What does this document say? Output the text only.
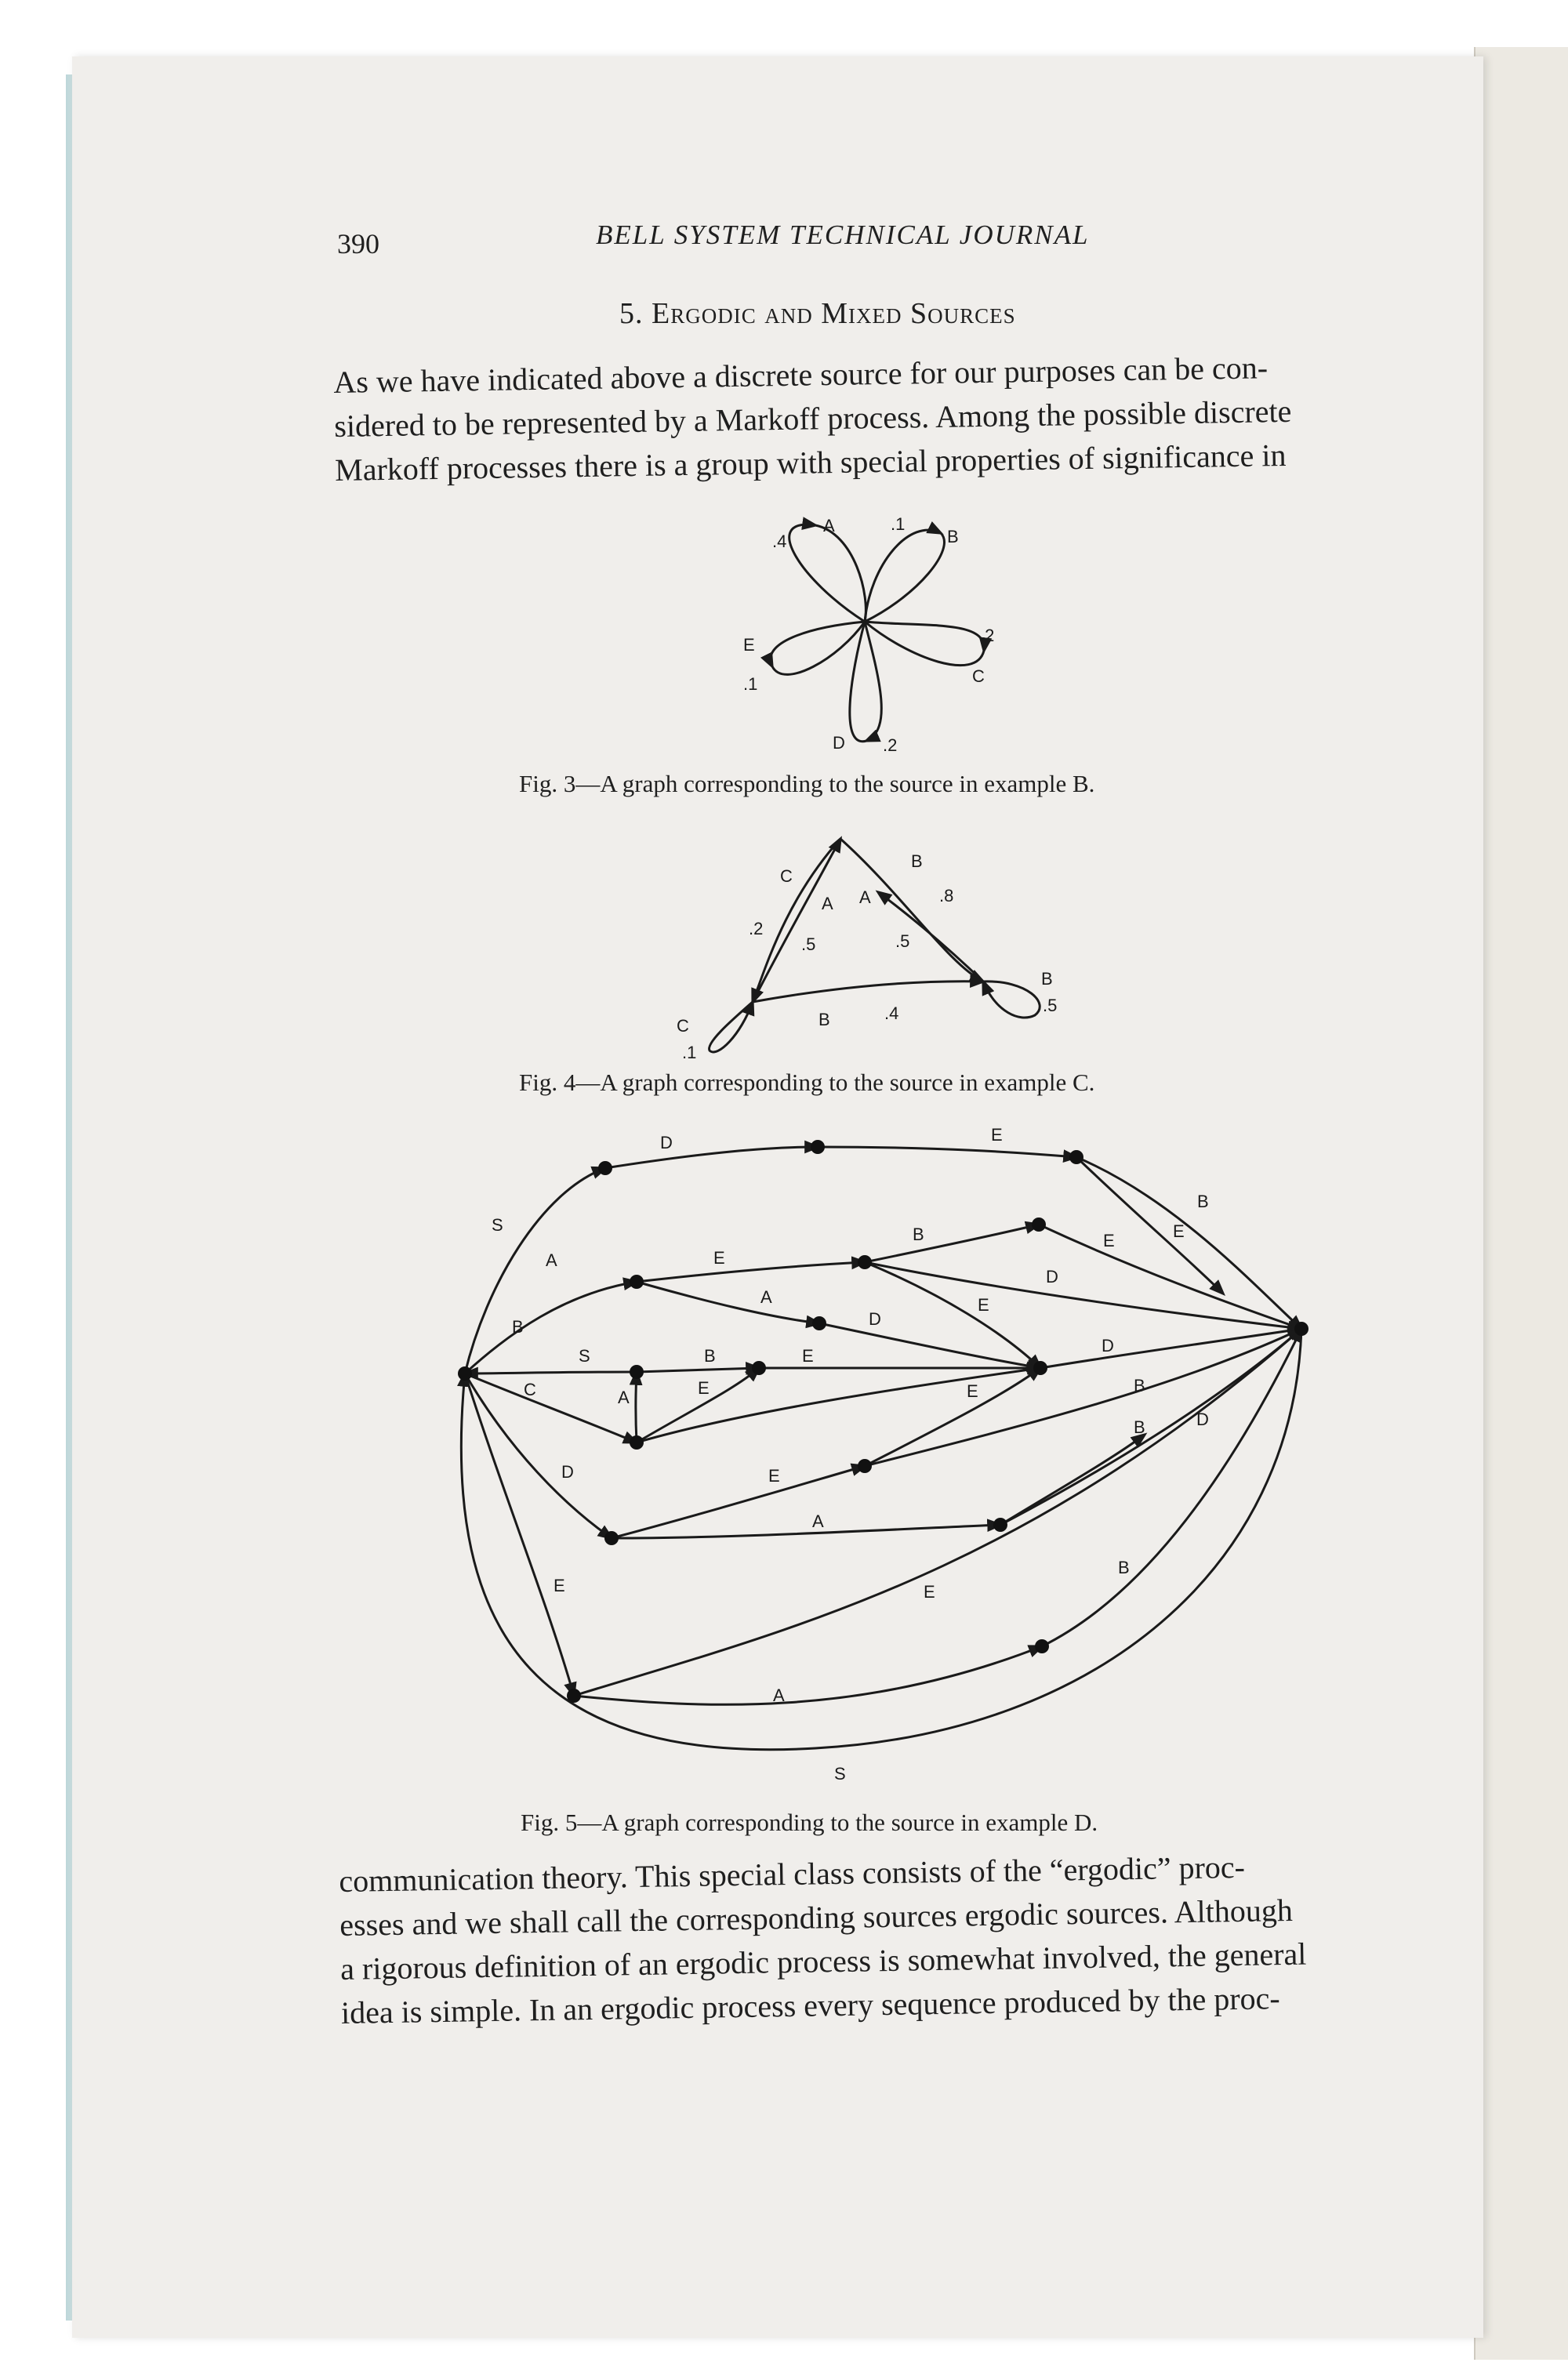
390	BELL SYSTEM TECHNICAL JOURNAL
5. Ergodic and Mixed Sources
As we have indicated above a discrete source for our purposes can be con-
sidered to be represented by a Markoff process. Among the possible discrete
Markoff processes there is a group with special properties of significance in
.4
A	.1
B
.2
C
D .2
E
.1
C
B
.8
.2
A A
.5	.5
B
.5
C
.1
B	.4
D	E
S
A
B
B	E	E
E
A
D
D
E
B
S	B	E
D
C	A	E	E	B
D
B
D	E
A
E	E
B
A
S
Fig. 3—A graph corresponding to the source in example B.
Fig. 4—A graph corresponding to the source in example C.
Fig. 5—A graph corresponding to the source in example D.
communication theory. This special class consists of the “ergodic” proc-
esses and we shall call the corresponding sources ergodic sources. Although
a rigorous definition of an ergodic process is somewhat involved, the general
idea is simple. In an ergodic process every sequence produced by the proc-
